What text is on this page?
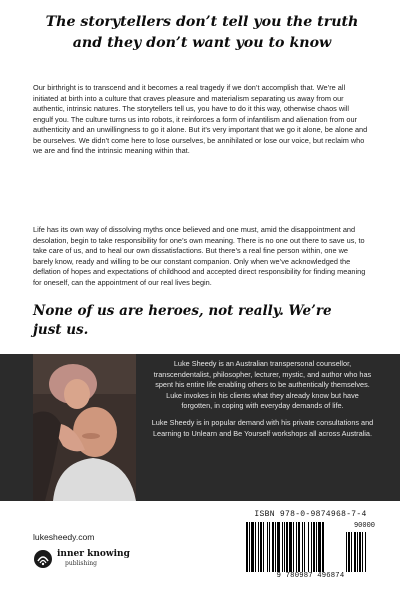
The storytellers don’t tell you the truth and they don’t want you to know

Our birthright is to transcend and it becomes a real tragedy if we don’t accomplish that. We’re all initiated at birth into a culture that craves pleasure and materialism separating us away from our authentic, intrinsic natures. The storytellers tell us, you have to do it this way, otherwise chaos will engulf you. The culture turns us into robots, it reinforces a form of infantilism and alienation from our authenticity and an unwillingness to go it alone. But it’s very important that we go it alone, be alone and be ourselves. We didn’t come here to lose ourselves, be annihilated or lose our voice, but reclaim who we are and find the intrinsic meaning within that.

Life has its own way of dissolving myths once believed and one must, amid the disappointment and desolation, begin to take responsibility for one’s own meaning. There is no one out there to save us, to take care of us, and to heal our own dissatisfactions. But there’s a real fine person within, one we barely know, ready and willing to be our constant companion. Only when we’ve acknowledged the deflation of hopes and expectations of childhood and accepted direct responsibility for finding meaning for oneself, can the appointment of our real lives begin.

None of us are heroes, not really. We’re just us.

Luke Sheedy is an Australian transpersonal counsellor, transcendentalist, philosopher, lecturer, mystic, and author who has spent his entire life enabling others to be authentically themselves. Luke invokes in his clients what they already know but have forgotten, in coping with everyday demands of life.

Luke Sheedy is in popular demand with his private consultations and Learning to Unlearn and Be Yourself workshops all across Australia.

lukesheedy.com
inner knowing
publishing
ISBN 978-0-9874968-7-4
90000
9 780987 496874
